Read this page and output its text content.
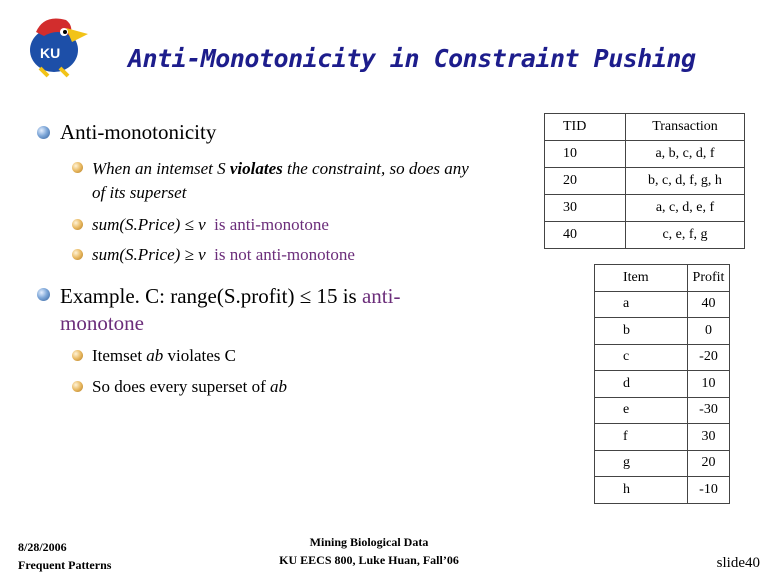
KU	Anti-Monotonicity in Constraint Pushing
Anti-monotonicity
When an intemset S violates the constraint, so does any
of its superset
sum(S.Price) ≤ v is anti-monotone
sum(S.Price) ≥ v is not anti-monotone
Example. C: range(S.profit) ≤ 15 is anti-
monotone
Itemset ab violates C
So does every superset of ab
TID	Transaction
10	a, b, c, d, f
20	b, c, d, f, g, h
30	a, c, d, e, f
40	c, e, f, g
Item	Profit
a	40
b	0
c	-20
d	10
e	-30
f	30
g	20
h	-10
8/28/2006
Frequent Patterns
Mining Biological Data
KU EECS 800, Luke Huan, Fall’06	slide40
